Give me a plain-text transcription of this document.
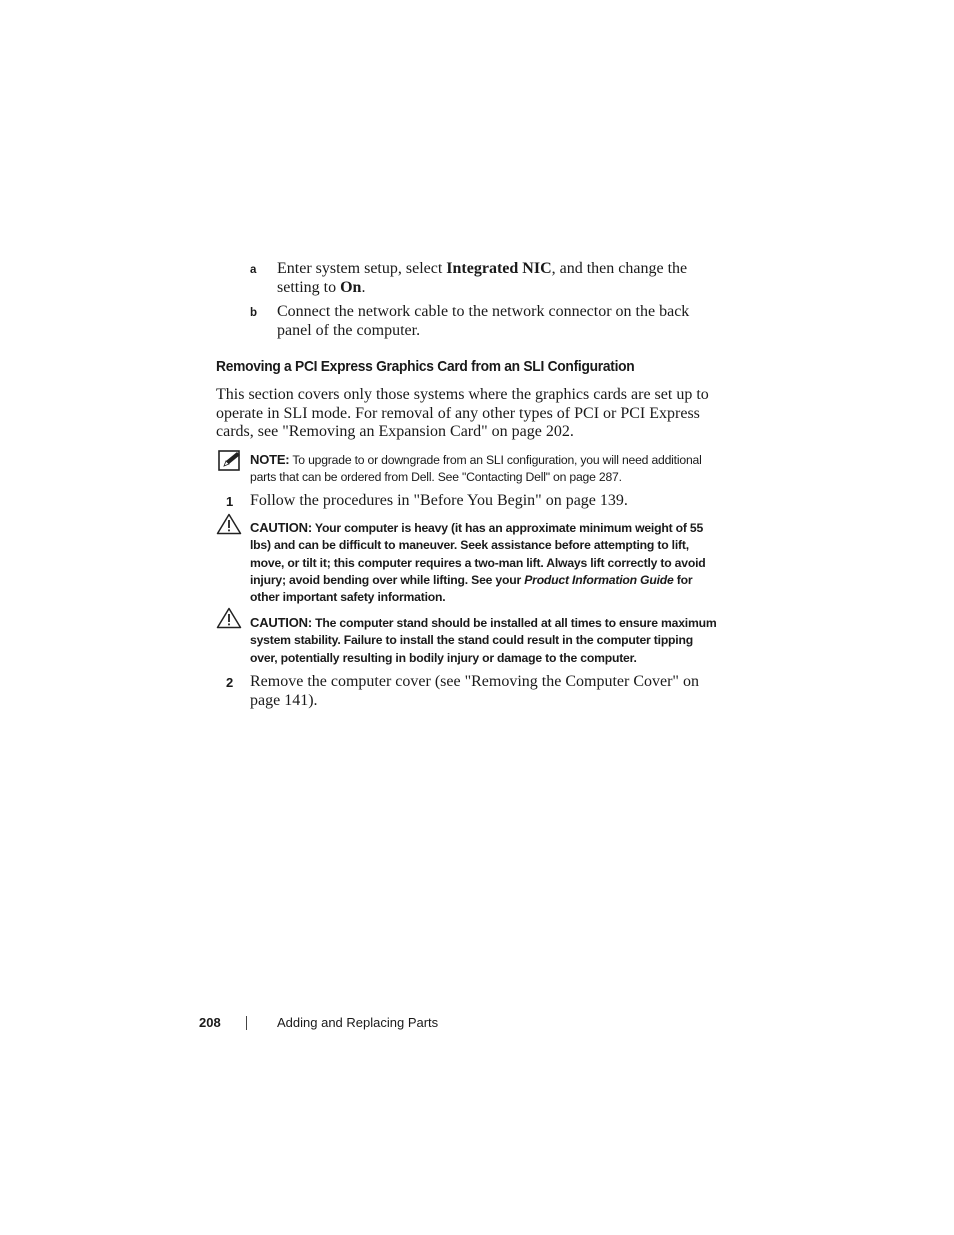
a Enter system setup, select Integrated NIC, and then change the setting to On.
b Connect the network cable to the network connector on the back panel of the computer.
Removing a PCI Express Graphics Card from an SLI Configuration
This section covers only those systems where the graphics cards are set up to operate in SLI mode. For removal of any other types of PCI or PCI Express cards, see "Removing an Expansion Card" on page 202.
NOTE: To upgrade to or downgrade from an SLI configuration, you will need additional parts that can be ordered from Dell. See "Contacting Dell" on page 287.
1 Follow the procedures in "Before You Begin" on page 139.
CAUTION: Your computer is heavy (it has an approximate minimum weight of 55 lbs) and can be difficult to maneuver. Seek assistance before attempting to lift, move, or tilt it; this computer requires a two-man lift. Always lift correctly to avoid injury; avoid bending over while lifting. See your Product Information Guide for other important safety information.
CAUTION: The computer stand should be installed at all times to ensure maximum system stability. Failure to install the stand could result in the computer tipping over, potentially resulting in bodily injury or damage to the computer.
2 Remove the computer cover (see "Removing the Computer Cover" on page 141).
208	Adding and Replacing Parts
